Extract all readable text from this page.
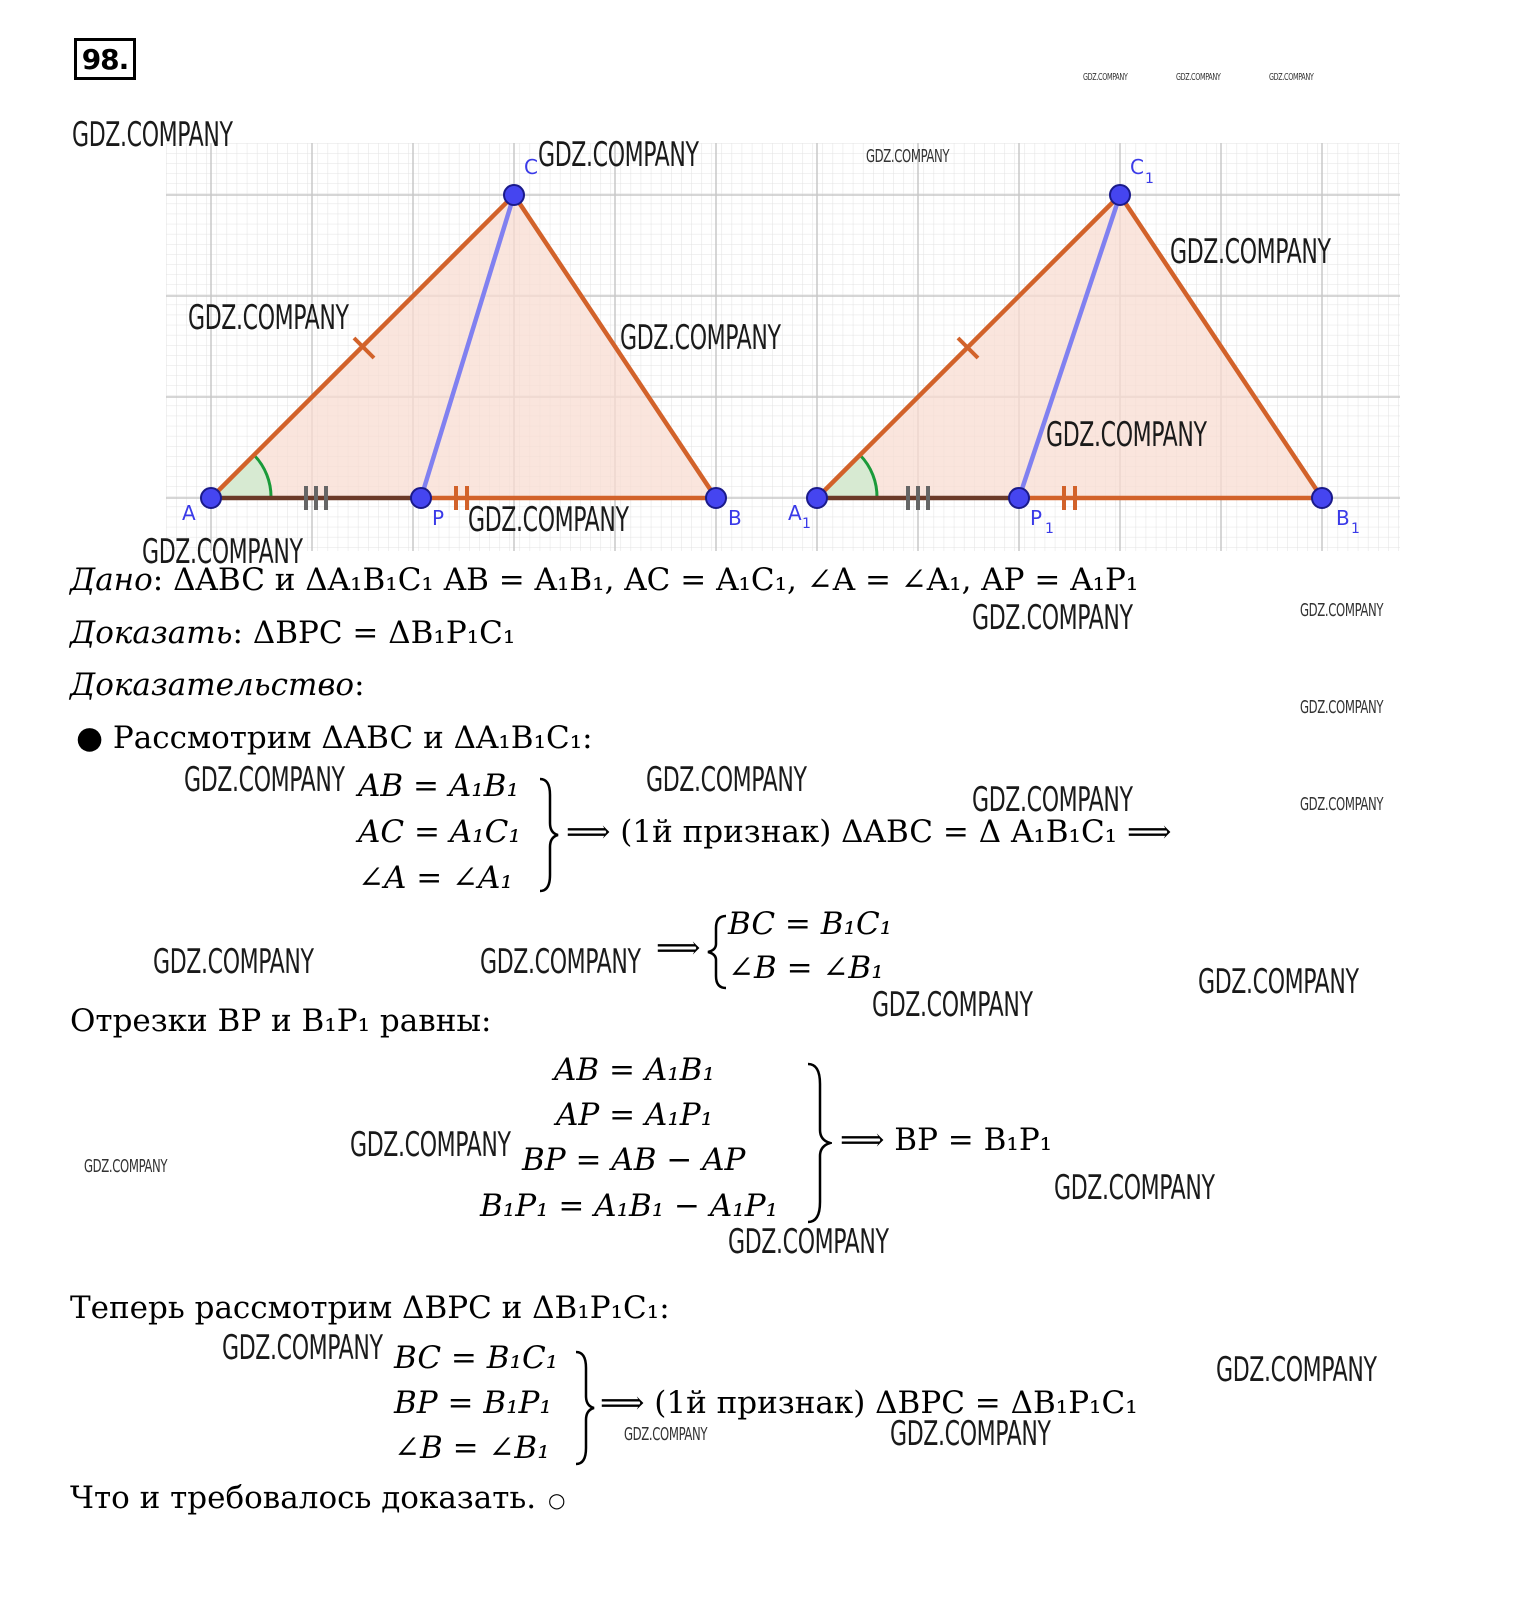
98.
A	P	B
C
A 1	P 1	B 1
C 1
GDZ.COMPANY	GDZ.COMPANY	GDZ.COMPANY
GDZ.COMPANY	GDZ.COMPANY	GDZ.COMPANY
GDZ.COMPANY
GDZ.COMPANY	GDZ.COMPANY
GDZ.COMPANY
GDZ.COMPANY
GDZ.COMPANY
GDZ.COMPANY	GDZ.COMPANY
GDZ.COMPANY
GDZ.COMPANY	GDZ.COMPANY	GDZ.COMPANY	GDZ.COMPANY
GDZ.COMPANY	GDZ.COMPANY	GDZ.COMPANY
GDZ.COMPANY
GDZ.COMPANY
GDZ.COMPANY
GDZ.COMPANY
GDZ.COMPANY
GDZ.COMPANY
GDZ.COMPANY
GDZ.COMPANY
GDZ.COMPANY
Дано: ΔABC и ΔA₁B₁C₁ AB = A₁B₁, AC = A₁C₁, ∠A = ∠A₁, AP = A₁P₁
Доказать: ΔBPC = ΔB₁P₁C₁
Доказательство:
● Рассмотрим ΔABC и ΔA₁B₁C₁:
AB = A₁B₁
AC = A₁C₁
∠A = ∠A₁
⟹ (1й признак) ΔABC = Δ A₁B₁C₁ ⟹
⟹
BC = B₁C₁
∠B = ∠B₁
Отрезки BP и B₁P₁ равны:
AB = A₁B₁
AP = A₁P₁
BP = AB − AP
B₁P₁ = A₁B₁ − A₁P₁
⟹ BP = B₁P₁
Теперь рассмотрим ΔBPC и ΔB₁P₁C₁:
BC = B₁C₁
BP = B₁P₁
∠B = ∠B₁
⟹ (1й признак) ΔBPC = ΔB₁P₁C₁
Что и требовалось доказать. ○
